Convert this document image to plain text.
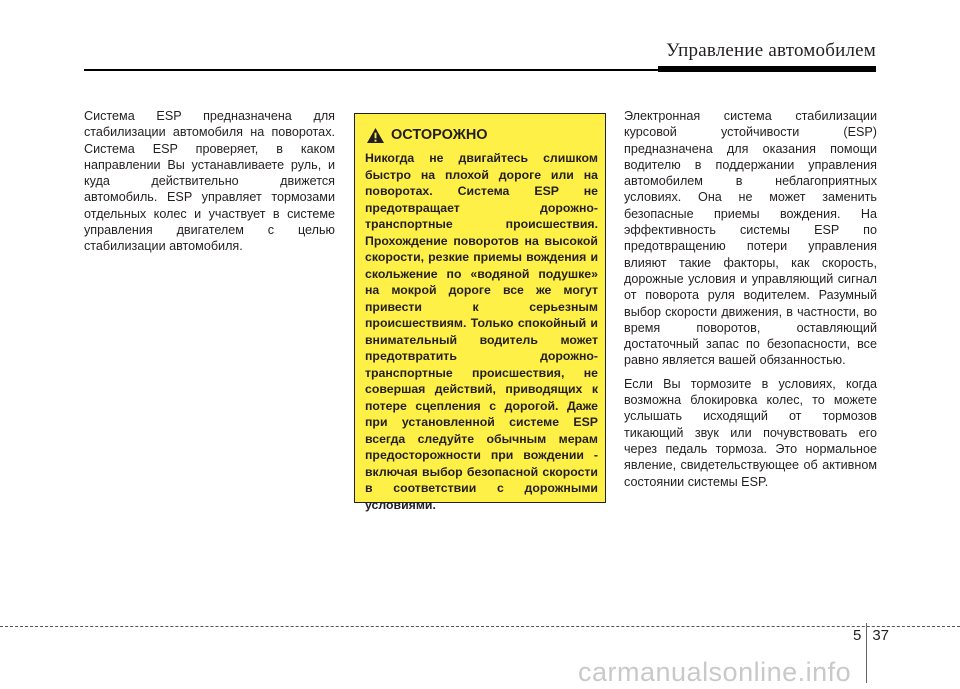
Управление автомобилем

Система ESP предназначена для стабилизации автомобиля на поворотах. Система ESP проверяет, в каком направлении Вы устанавливаете руль, и куда действительно движется автомобиль. ESP управляет тормозами отдельных колес и участвует в системе управления двигателем с целью стабилизации автомобиля.

ОСТОРОЖНО
Никогда не двигайтесь слишком быстро на плохой дороге или на поворотах. Система ESP не предотвращает дорожно-транспортные происшествия. Прохождение поворотов на высокой скорости, резкие приемы вождения и скольжение по «водяной подушке» на мокрой дороге все же могут привести к серьезным происшествиям. Только спокойный и внимательный водитель может предотвратить дорожно-транспортные происшествия, не совершая действий, приводящих к потере сцепления с дорогой. Даже при установленной системе ESP всегда следуйте обычным мерам предосторожности при вождении - включая выбор безопасной скорости в соответствии с дорожными условиями.

Электронная система стабилизации курсовой устойчивости (ESP) предназначена для оказания помощи водителю в поддержании управления автомобилем в неблагоприятных условиях. Она не может заменить безопасные приемы вождения. На эффективность системы ESP по предотвращению потери управления влияют такие факторы, как скорость, дорожные условия и управляющий сигнал от поворота руля водителем. Разумный выбор скорости движения, в частности, во время поворотов, оставляющий достаточный запас по безопасности, все равно является вашей обязанностью.

Если Вы тормозите в условиях, когда возможна блокировка колес, то можете услышать исходящий от тормозов тикающий звук или почувствовать его через педаль тормоза. Это нормальное явление, свидетельствующее об активном состоянии системы ESP.

5 37
carmanualsonline.info
